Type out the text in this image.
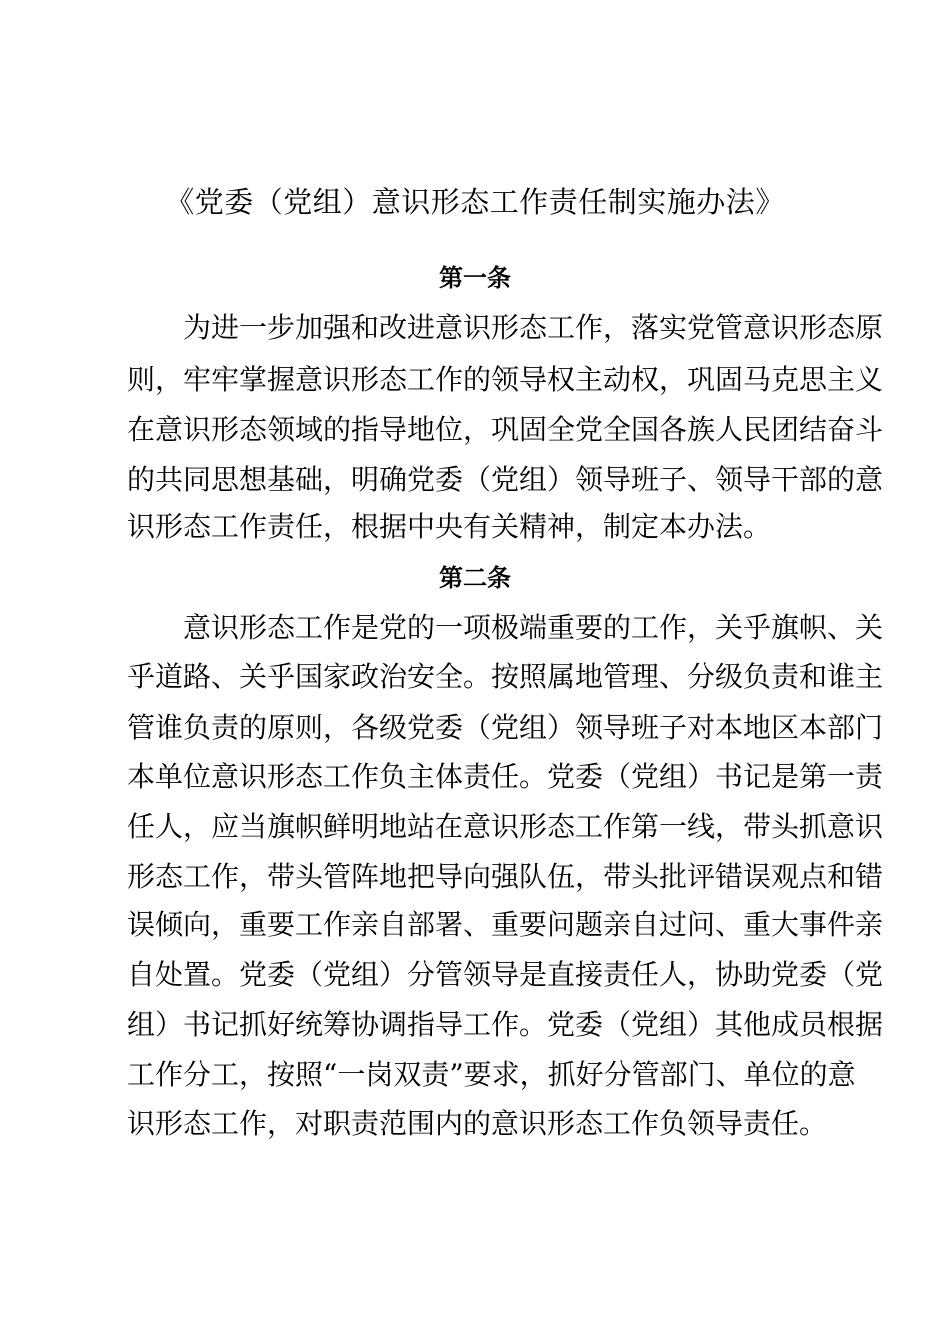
《党委（党组）意识形态工作责任制实施办法》
第一条
为进一步加强和改进意识形态工作，落实党管意识形态原
则，牢牢掌握意识形态工作的领导权主动权，巩固马克思主义
在意识形态领域的指导地位，巩固全党全国各族人民团结奋斗
的共同思想基础，明确党委（党组）领导班子、领导干部的意
识形态工作责任，根据中央有关精神，制定本办法。
第二条
意识形态工作是党的一项极端重要的工作，关乎旗帜、关
乎道路、关乎国家政治安全。按照属地管理、分级负责和谁主
管谁负责的原则，各级党委（党组）领导班子对本地区本部门
本单位意识形态工作负主体责任。党委（党组）书记是第一责
任人，应当旗帜鲜明地站在意识形态工作第一线，带头抓意识
形态工作，带头管阵地把导向强队伍，带头批评错误观点和错
误倾向，重要工作亲自部署、重要问题亲自过问、重大事件亲
自处置。党委（党组）分管领导是直接责任人，协助党委（党
组）书记抓好统筹协调指导工作。党委（党组）其他成员根据
工作分工，按照“一岗双责”要求，抓好分管部门、单位的意
识形态工作，对职责范围内的意识形态工作负领导责任。
